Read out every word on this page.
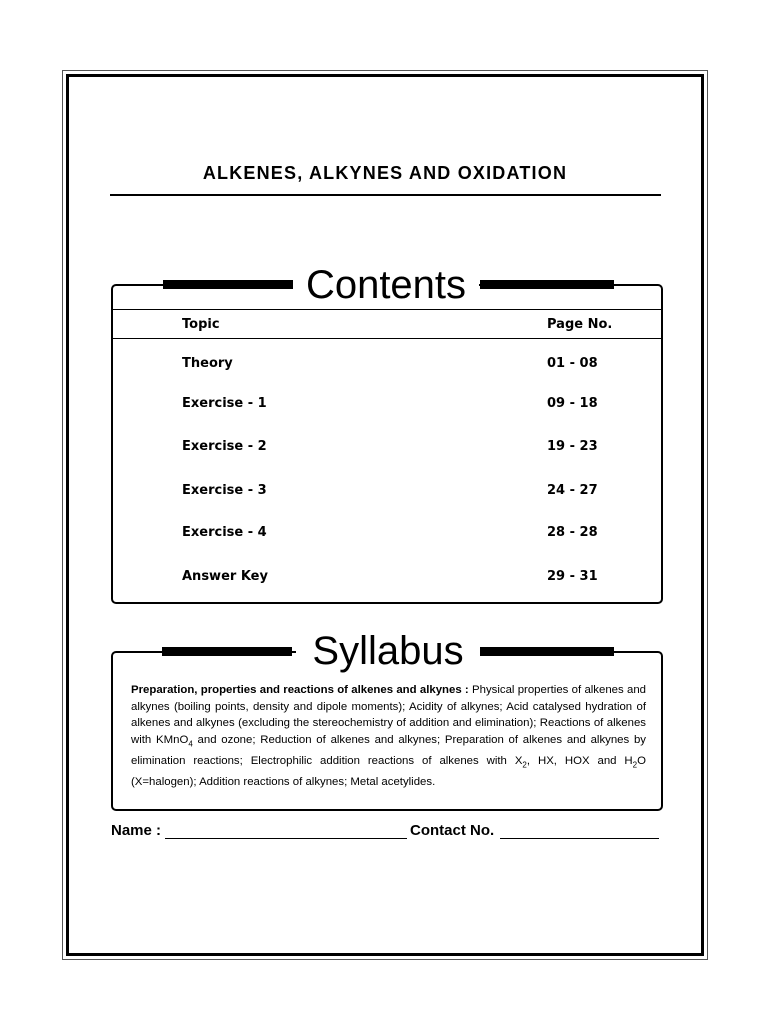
ALKENES, ALKYNES AND OXIDATION
Contents
Topic	Page No.
Theory	01 - 08
Exercise - 1	09 - 18
Exercise - 2	19 - 23
Exercise - 3	24 - 27
Exercise - 4	28 - 28
Answer Key	29 - 31
Syllabus
Preparation, properties and reactions of alkenes and alkynes : Physical properties of alkenes and alkynes (boiling points, density and dipole moments); Acidity of alkynes; Acid catalysed hydration of alkenes and alkynes (excluding the stereochemistry of addition and elimination); Reactions of alkenes with KMnO$_4$ and ozone; Reduction of alkenes and alkynes; Preparation of alkenes and alkynes by elimination reactions; Electrophilic addition reactions of alkenes with $X_2$, HX, HOX and $H_2O$ (X=halogen); Addition reactions of alkynes; Metal acetylides.
Name :	Contact No.
